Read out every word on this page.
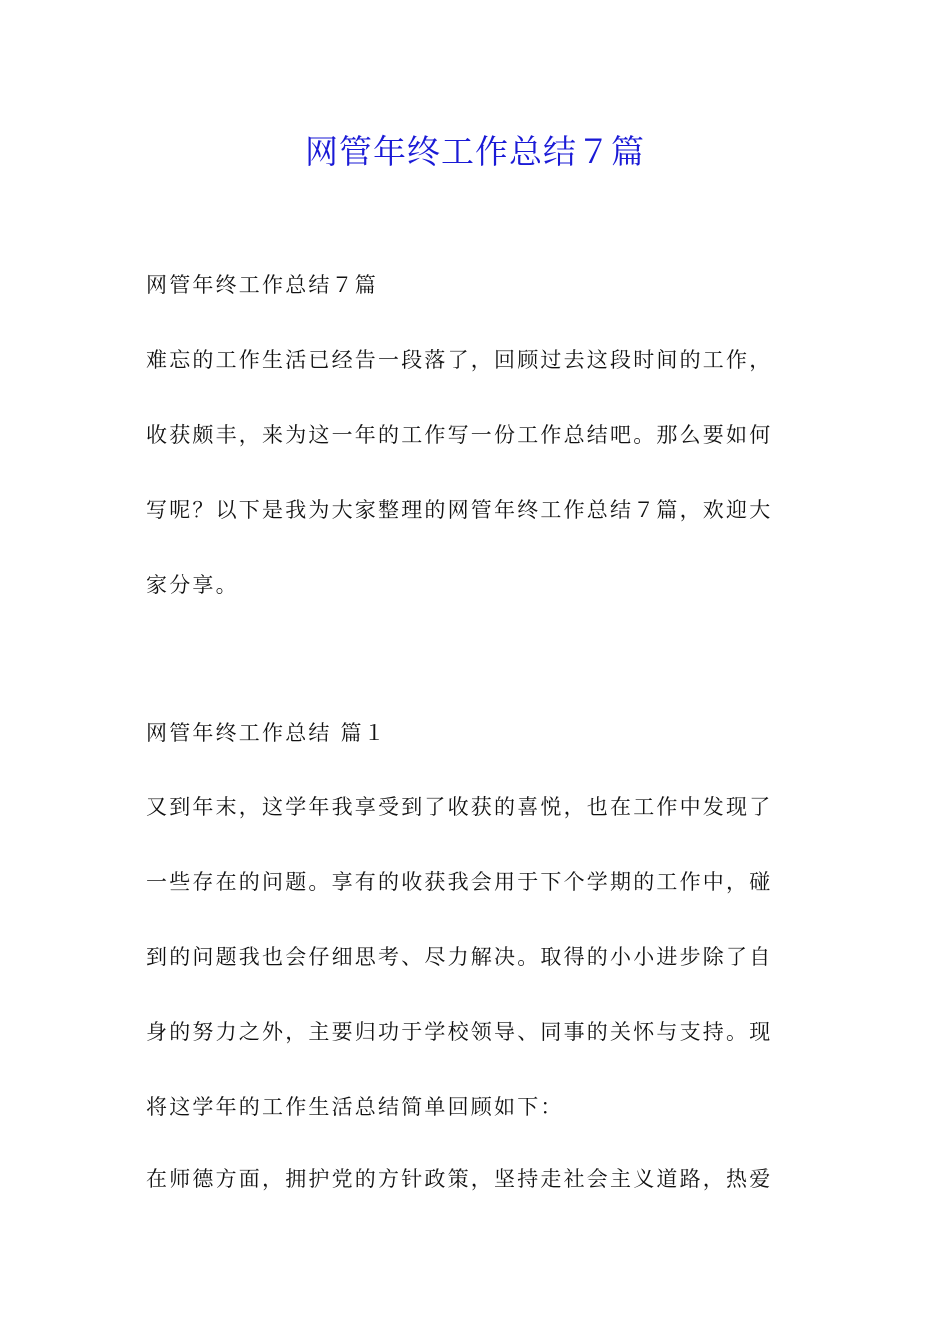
网管年终工作总结７篇

网管年终工作总结７篇

难忘的工作生活已经告一段落了，回顾过去这段时间的工作，
收获颇丰，来为这一年的工作写一份工作总结吧。那么要如何
写呢？以下是我为大家整理的网管年终工作总结７篇，欢迎大
家分享。

网管年终工作总结 篇１

又到年末，这学年我享受到了收获的喜悦，也在工作中发现了
一些存在的问题。享有的收获我会用于下个学期的工作中，碰
到的问题我也会仔细思考、尽力解决。取得的小小进步除了自
身的努力之外，主要归功于学校领导、同事的关怀与支持。现
将这学年的工作生活总结简单回顾如下：

在师德方面，拥护党的方针政策，坚持走社会主义道路，热爱
